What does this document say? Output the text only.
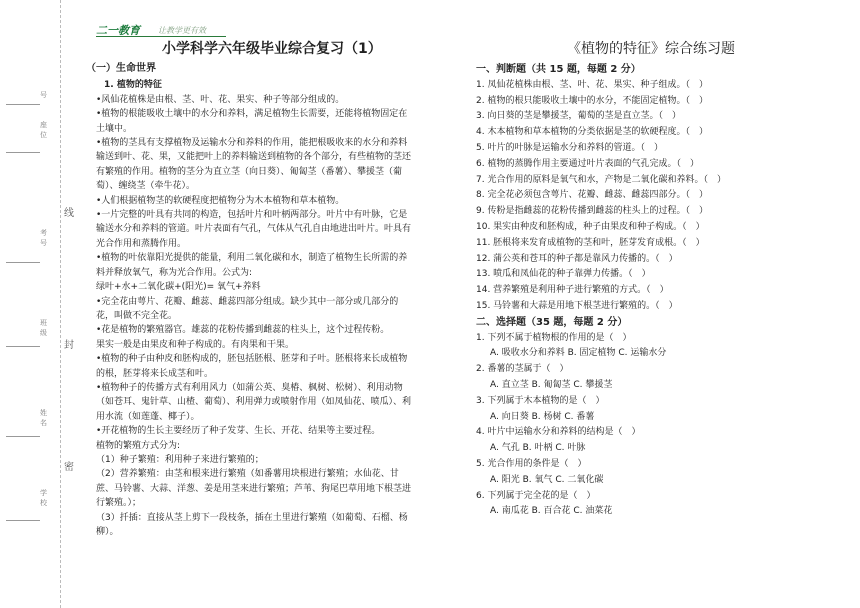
号
座位
考号
班级
姓名
学校
线
封
密
二一教育 让教学更有效
小学科学六年级毕业综合复习（1）	《植物的特征》综合练习题

（一）生命世界

1. 植物的特征

•风仙花植株是由根、茎、叶、花、果实、种子等部分组成的。

•植物的根能吸收土壤中的水分和养料，满足植物生长需要，还能将植物固定在土壤中。

•植物的茎具有支撑植物及运输水分和养料的作用，能把根吸收来的水分和养料输送到叶、花、果，又能把叶上的养料输送到植物的各个部分，有些植物的茎还有繁殖的作用。植物的茎分为直立茎（向日葵）、匍匐茎（番薯）、攀援茎（葡萄）、缠绕茎（牵牛花）。

•人们根据植物茎的软硬程度把植物分为木本植物和草本植物。

•一片完整的叶具有共同的构造，包括叶片和叶柄两部分。叶片中有叶脉，它是输送水分和养料的管道。叶片表面有气孔，气体从气孔自由地进出叶片。叶具有光合作用和蒸腾作用。

•植物的叶依靠阳光提供的能量，利用二氧化碳和水，制造了植物生长所需的养料并释放氧气，称为光合作用。公式为:

绿叶+水+二氧化碳+(阳光)= 氧气+养料

•完全花由萼片、花瓣、雌蕊、雌蕊四部分组成。缺少其中一部分或几部分的花，叫做不完全花。

•花是植物的繁殖器官。雄蕊的花粉传播到雌蕊的柱头上，这个过程传粉。

果实一般是由果皮和种子构成的。有肉果和干果。

•植物的种子由种皮和胚构成的，胚包括胚根、胚芽和子叶。胚根将来长成植物的根，胚芽将来长成茎和叶。

•植物种子的传播方式有利用风力（如蒲公英、臭椿、枫树、松树）、利用动物（如苍耳、鬼针草、山楂、葡萄）、利用弹力或喷射作用（如凤仙花、喷瓜）、利用水流（如莲蓬、椰子）。

•开花植物的生长主要经历了种子发芽、生长、开花、结果等主要过程。

植物的繁殖方式分为:

（1）种子繁殖：利用种子来进行繁殖的；

（2）营养繁殖：由茎和根来进行繁殖（如番薯用块根进行繁殖；水仙花、甘蔗、马铃薯、大蒜、洋葱、姜是用茎来进行繁殖；芦苇、狗尾巴草用地下根茎进行繁殖。）；

（3）扦插：直接从茎上剪下一段枝条，插在土里进行繁殖（如葡萄、石榴、杨柳）。

一、判断题（共 15 题，每题 2 分）

1. 凤仙花植株由根、茎、叶、花、果实、种子组成。（　）

2. 植物的根只能吸收土壤中的水分，不能固定植物。（　）

3. 向日葵的茎是攀援茎，葡萄的茎是直立茎。（　）

4. 木本植物和草本植物的分类依据是茎的软硬程度。（　）

5. 叶片的叶脉是运输水分和养料的管道。（　）

6. 植物的蒸腾作用主要通过叶片表面的气孔完成。（　）

7. 光合作用的原料是氧气和水，产物是二氧化碳和养料。（　）

8. 完全花必须包含萼片、花瓣、雌蕊、雌蕊四部分。（　）

9. 传粉是指雌蕊的花粉传播到雌蕊的柱头上的过程。（　）

10. 果实由种皮和胚构成，种子由果皮和种子构成。（　）

11. 胚根将来发育成植物的茎和叶，胚芽发育成根。（　）

12. 蒲公英和苍耳的种子都是靠风力传播的。（　）

13. 喷瓜和凤仙花的种子靠弹力传播。（　）

14. 营养繁殖是利用种子进行繁殖的方式。（　）

15. 马铃薯和大蒜是用地下根茎进行繁殖的。（　）

二、选择题（35 题，每题 2 分）

1. 下列不属于植物根的作用的是（　）

A. 吸收水分和养料 B. 固定植物 C. 运输水分

2. 番薯的茎属于（　）

A. 直立茎 B. 匍匐茎 C. 攀援茎

3. 下列属于木本植物的是（　）

A. 向日葵 B. 杨树 C. 番薯

4. 叶片中运输水分和养料的结构是（　）

A. 气孔 B. 叶柄 C. 叶脉

5. 光合作用的条件是（　）

A. 阳光 B. 氧气 C. 二氧化碳

6. 下列属于完全花的是（　）

A. 南瓜花 B. 百合花 C. 油菜花
